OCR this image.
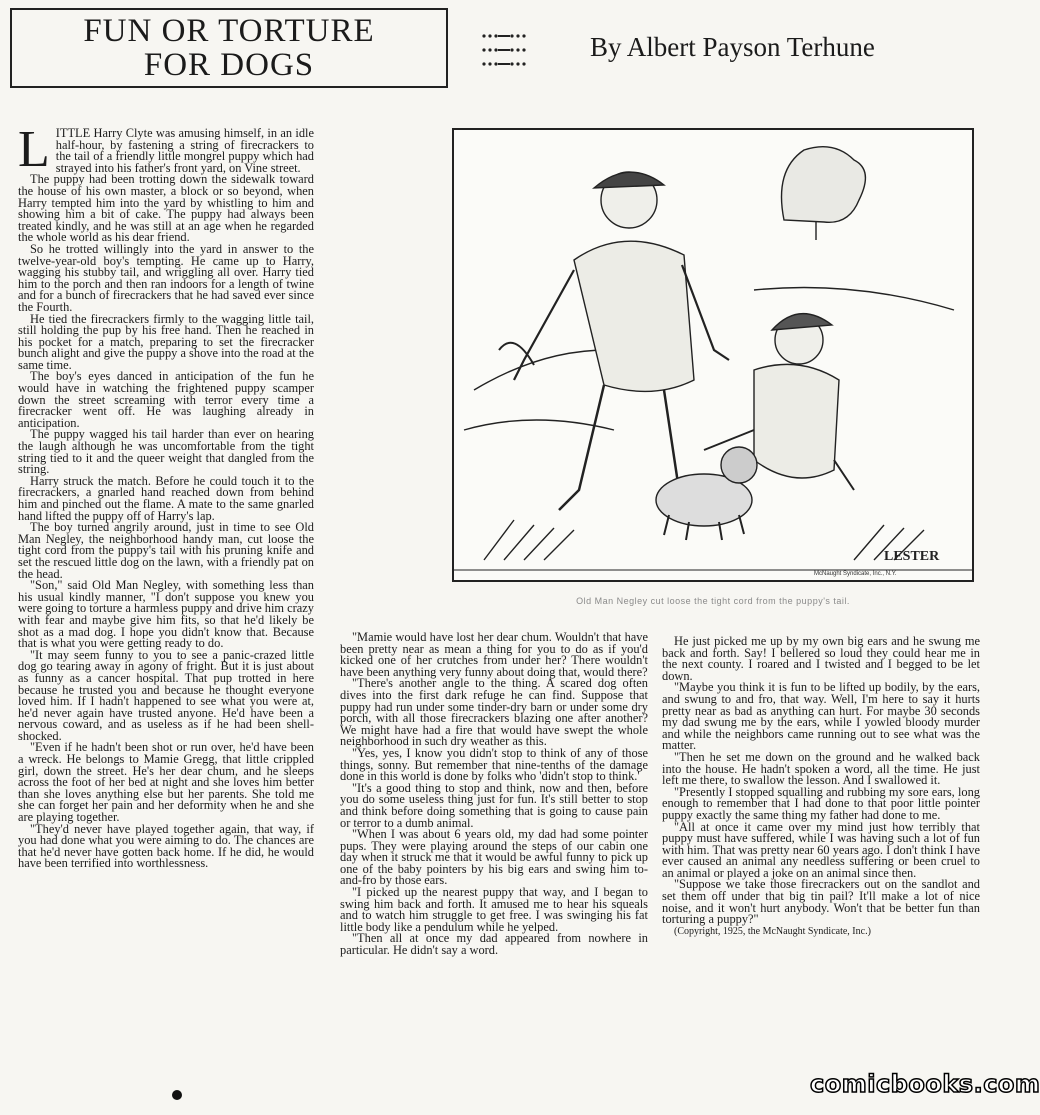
FUN OR TORTURE
FOR DOGS	By Albert Payson Terhune

LITTLE Harry Clyte was amusing himself, in an idle half-hour, by fastening a string of firecrackers to the tail of a friendly little mongrel puppy which had strayed into his father's front yard, on Vine street.

The puppy had been trotting down the sidewalk toward the house of his own master, a block or so beyond, when Harry tempted him into the yard by whistling to him and showing him a bit of cake. The puppy had always been treated kindly, and he was still at an age when he regarded the whole world as his dear friend.

So he trotted willingly into the yard in answer to the twelve-year-old boy's tempting. He came up to Harry, wagging his stubby tail, and wriggling all over. Harry tied him to the porch and then ran indoors for a length of twine and for a bunch of firecrackers that he had saved ever since the Fourth.

He tied the firecrackers firmly to the wagging little tail, still holding the pup by his free hand. Then he reached in his pocket for a match, preparing to set the firecracker bunch alight and give the puppy a shove into the road at the same time.

The boy's eyes danced in anticipation of the fun he would have in watching the frightened puppy scamper down the street screaming with terror every time a firecracker went off. He was laughing already in anticipation.

The puppy wagged his tail harder than ever on hearing the laugh although he was uncomfortable from the tight string tied to it and the queer weight that dangled from the string.

Harry struck the match. Before he could touch it to the firecrackers, a gnarled hand reached down from behind him and pinched out the flame. A mate to the same gnarled hand lifted the puppy off of Harry's lap.

The boy turned angrily around, just in time to see Old Man Negley, the neighborhood handy man, cut loose the tight cord from the puppy's tail with his pruning knife and set the rescued little dog on the lawn, with a friendly pat on the head.

"Son," said Old Man Negley, with something less than his usual kindly manner, "I don't suppose you knew you were going to torture a harmless puppy and drive him crazy with fear and maybe give him fits, so that he'd likely be shot as a mad dog. I hope you didn't know that. Because that is what you were getting ready to do.

"It may seem funny to you to see a panic-crazed little dog go tearing away in agony of fright. But it is just about as funny as a cancer hospital. That pup trotted in here because he trusted you and because he thought everyone loved him. If I hadn't happened to see what you were at, he'd never again have trusted anyone. He'd have been a nervous coward, and as useless as if he had been shell-shocked.

"Even if he hadn't been shot or run over, he'd have been a wreck. He belongs to Mamie Gregg, that little crippled girl, down the street. He's her dear chum, and he sleeps across the foot of her bed at night and she loves him better than she loves anything else but her parents. She told me she can forget her pain and her deformity when he and she are playing together.

"They'd never have played together again, that way, if you had done what you were aiming to do. The chances are that he'd never have gotten back home. If he did, he would have been terrified into worthlessness.

LESTER
McNaught Syndicate, Inc., N.Y.
Old Man Negley cut loose the tight cord from the puppy's tail.

"Mamie would have lost her dear chum. Wouldn't that have been pretty near as mean a thing for you to do as if you'd kicked one of her crutches from under her? There wouldn't have been anything very funny about doing that, would there?

"There's another angle to the thing. A scared dog often dives into the first dark refuge he can find. Suppose that puppy had run under some tinder-dry barn or under some dry porch, with all those firecrackers blazing one after another? We might have had a fire that would have swept the whole neighborhood in such dry weather as this.

"Yes, yes, I know you didn't stop to think of any of those things, sonny. But remember that nine-tenths of the damage done in this world is done by folks who 'didn't stop to think.'

"It's a good thing to stop and think, now and then, before you do some useless thing just for fun. It's still better to stop and think before doing something that is going to cause pain or terror to a dumb animal.

"When I was about 6 years old, my dad had some pointer pups. They were playing around the steps of our cabin one day when it struck me that it would be awful funny to pick up one of the baby pointers by his big ears and swing him to-and-fro by those ears.

"I picked up the nearest puppy that way, and I began to swing him back and forth. It amused me to hear his squeals and to watch him struggle to get free. I was swinging his fat little body like a pendulum while he yelped.

"Then all at once my dad appeared from nowhere in particular. He didn't say a word.

He just picked me up by my own big ears and he swung me back and forth. Say! I bellered so loud they could hear me in the next county. I roared and I twisted and I begged to be let down.

"Maybe you think it is fun to be lifted up bodily, by the ears, and swung to and fro, that way. Well, I'm here to say it hurts pretty near as bad as anything can hurt. For maybe 30 seconds my dad swung me by the ears, while I yowled bloody murder and while the neighbors came running out to see what was the matter.

"Then he set me down on the ground and he walked back into the house. He hadn't spoken a word, all the time. He just left me there, to swallow the lesson. And I swallowed it.

"Presently I stopped squalling and rubbing my sore ears, long enough to remember that I had done to that poor little pointer puppy exactly the same thing my father had done to me.

"All at once it came over my mind just how terribly that puppy must have suffered, while I was having such a lot of fun with him. That was pretty near 60 years ago. I don't think I have ever caused an animal any needless suffering or been cruel to an animal or played a joke on an animal since then.

"Suppose we take those firecrackers out on the sandlot and set them off under that big tin pail? It'll make a lot of nice noise, and it won't hurt anybody. Won't that be better fun than torturing a puppy?"

(Copyright, 1925, the McNaught Syndicate, Inc.)

comicbooks.com
